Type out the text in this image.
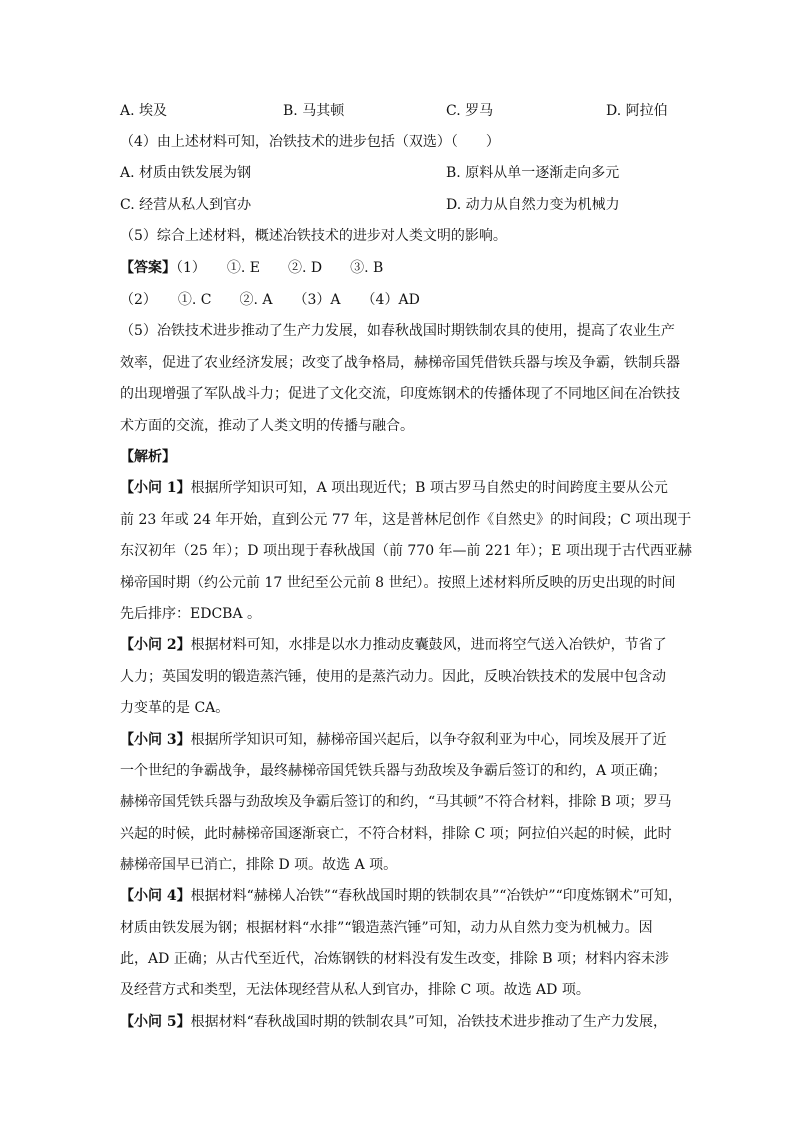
A. 埃及	B. 马其顿	C. 罗马	D. 阿拉伯
（4）由上述材料可知，冶铁技术的进步包括（双选）（　　）
A. 材质由铁发展为钢	B. 原料从单一逐渐走向多元
C. 经营从私人到官办	D. 动力从自然力变为机械力
（5）综合上述材料，概述冶铁技术的进步对人类文明的影响。
【答案】（1）　　①. E　　②. D　　③. B
（2）　　①. C　　②. A　　（3）A　　（4）AD
（5）冶铁技术进步推动了生产力发展，如春秋战国时期铁制农具的使用，提高了农业生产
效率，促进了农业经济发展；改变了战争格局，赫梯帝国凭借铁兵器与埃及争霸，铁制兵器
的出现增强了军队战斗力；促进了文化交流，印度炼钢术的传播体现了不同地区间在冶铁技
术方面的交流，推动了人类文明的传播与融合。
【解析】
【小问 1】根据所学知识可知，A 项出现近代；B 项古罗马自然史的时间跨度主要从公元
前 23 年或 24 年开始，直到公元 77 年，这是普林尼创作《自然史》的时间段；C 项出现于
东汉初年（25 年）；D 项出现于春秋战国（前 770 年—前 221 年）；E 项出现于古代西亚赫
梯帝国时期（约公元前 17 世纪至公元前 8 世纪）。按照上述材料所反映的历史出现的时间
先后排序：EDCBA 。
【小问 2】根据材料可知，水排是以水力推动皮囊鼓风，进而将空气送入冶铁炉，节省了
人力；英国发明的锻造蒸汽锤，使用的是蒸汽动力。因此，反映冶铁技术的发展中包含动
力变革的是 CA。
【小问 3】根据所学知识可知，赫梯帝国兴起后，以争夺叙利亚为中心，同埃及展开了近
一个世纪的争霸战争，最终赫梯帝国凭铁兵器与劲敌埃及争霸后签订的和约，A 项正确；
赫梯帝国凭铁兵器与劲敌埃及争霸后签订的和约，“马其顿”不符合材料，排除 B 项；罗马
兴起的时候，此时赫梯帝国逐渐衰亡，不符合材料，排除 C 项；阿拉伯兴起的时候，此时
赫梯帝国早已消亡，排除 D 项。故选 A 项。
【小问 4】根据材料“赫梯人冶铁”“春秋战国时期的铁制农具”“冶铁炉”“印度炼钢术”可知，
材质由铁发展为钢；根据材料“水排”“锻造蒸汽锤”可知，动力从自然力变为机械力。因
此，AD 正确；从古代至近代，冶炼钢铁的材料没有发生改变，排除 B 项；材料内容未涉
及经营方式和类型，无法体现经营从私人到官办，排除 C 项。故选 AD 项。
【小问 5】根据材料“春秋战国时期的铁制农具”可知，冶铁技术进步推动了生产力发展，
